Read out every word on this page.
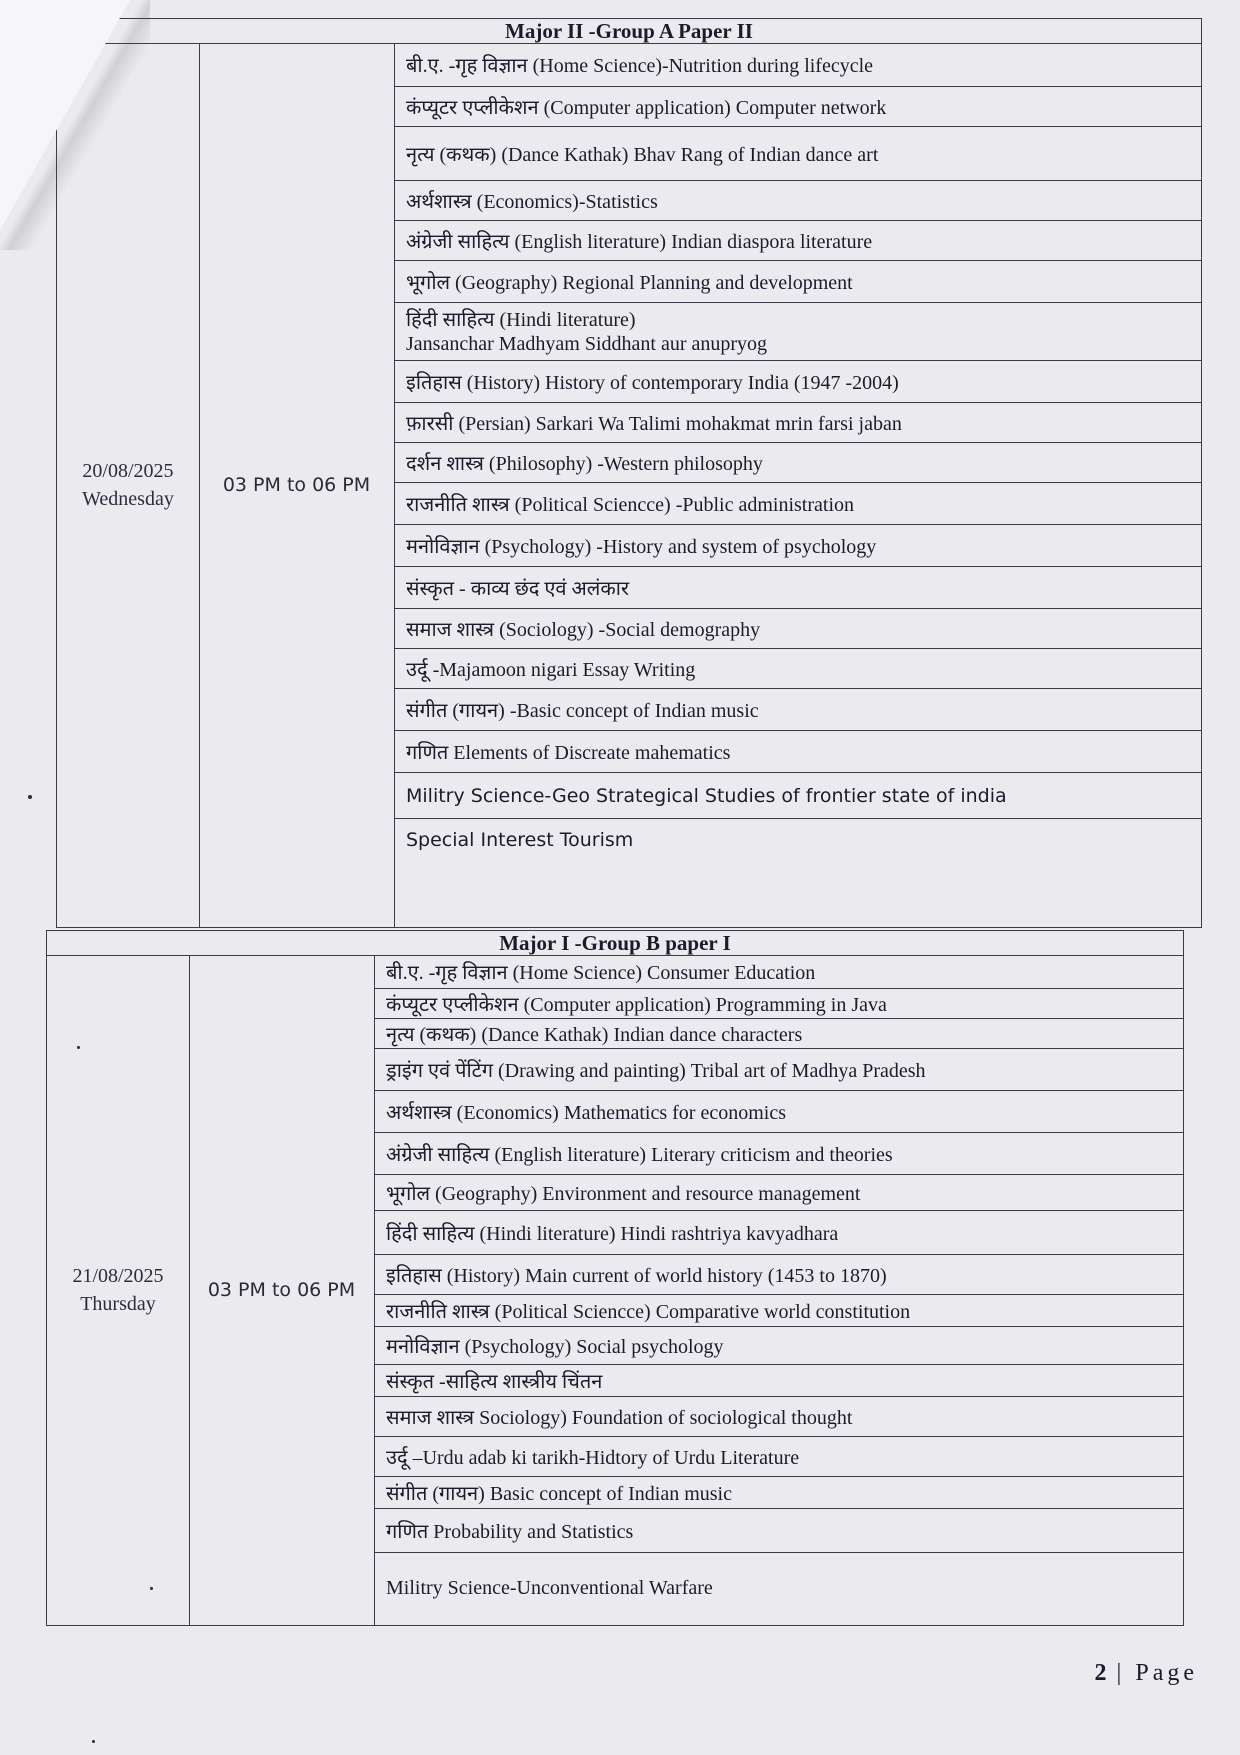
Major II -Group A Paper II
20/08/2025
Wednesday
03 PM to 06 PM
बी.ए. -गृह विज्ञान (Home Science)-Nutrition during lifecycle
कंप्यूटर एप्लीकेशन (Computer application) Computer network
नृत्य (कथक) (Dance Kathak) Bhav Rang of Indian dance art
अर्थशास्त्र (Economics)-Statistics
अंग्रेजी साहित्य (English literature) Indian diaspora literature
भूगोल (Geography) Regional Planning and development
हिंदी साहित्य (Hindi literature)
Jansanchar Madhyam Siddhant aur anupryog
इतिहास (History) History of contemporary India (1947 -2004)
फ़ारसी (Persian) Sarkari Wa Talimi mohakmat mrin farsi jaban
दर्शन शास्त्र (Philosophy) -Western philosophy
राजनीति शास्त्र (Political Sciencce) -Public administration
मनोविज्ञान (Psychology) -History and system of psychology
संस्कृत - काव्य छंद एवं अलंकार
समाज शास्त्र (Sociology) -Social demography
उर्दू -Majamoon nigari Essay Writing
संगीत (गायन) -Basic concept of Indian music
गणित Elements of Discreate mahematics
Militry Science-Geo Strategical Studies of frontier state of india
Special Interest Tourism
Major I -Group B paper I
21/08/2025
Thursday
03 PM to 06 PM
बी.ए. -गृह विज्ञान (Home Science) Consumer Education
कंप्यूटर एप्लीकेशन (Computer application) Programming in Java
नृत्य (कथक) (Dance Kathak) Indian dance characters
ड्राइंग एवं पेंटिंग (Drawing and painting) Tribal art of Madhya Pradesh
अर्थशास्त्र (Economics) Mathematics for economics
अंग्रेजी साहित्य (English literature) Literary criticism and theories
भूगोल (Geography) Environment and resource management
हिंदी साहित्य (Hindi literature) Hindi rashtriya kavyadhara
इतिहास (History) Main current of world history (1453 to 1870)
राजनीति शास्त्र (Political Sciencce) Comparative world constitution
मनोविज्ञान (Psychology) Social psychology
संस्कृत -साहित्य शास्त्रीय चिंतन
समाज शास्त्र Sociology) Foundation of sociological thought
उर्दू –Urdu adab ki tarikh-Hidtory of Urdu Literature
संगीत (गायन) Basic concept of Indian music
गणित Probability and Statistics
Militry Science-Unconventional Warfare
2 | Page
